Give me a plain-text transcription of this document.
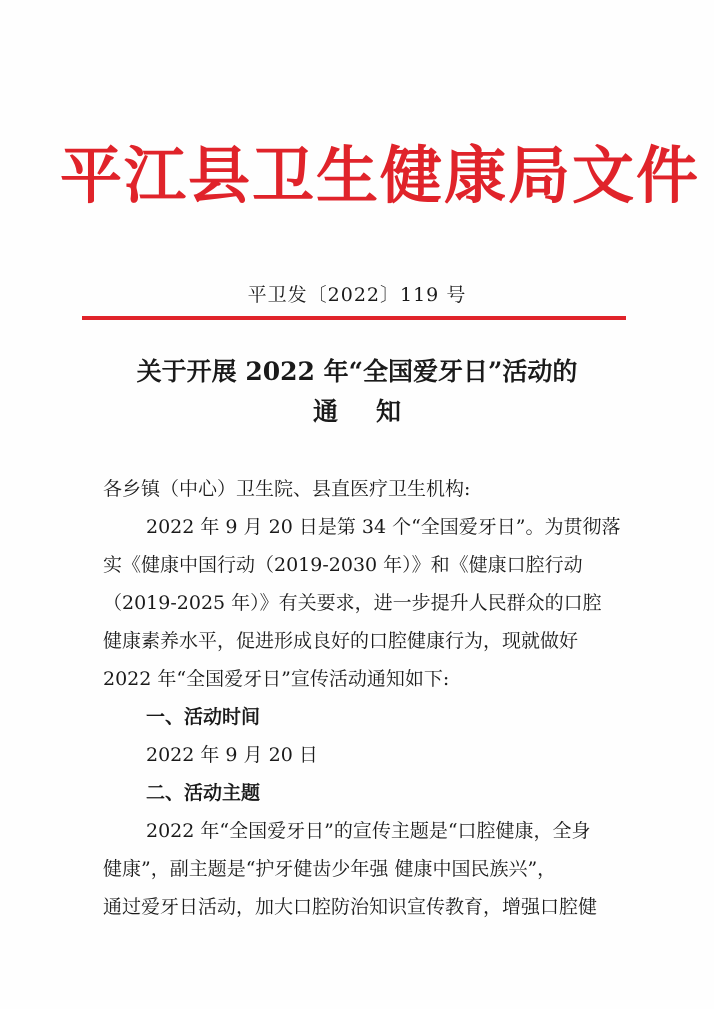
平江县卫生健康局文件
平卫发〔2022〕119 号
关于开展 2022 年“全国爱牙日”活动的
通知
各乡镇（中心）卫生院、县直医疗卫生机构:
2022 年 9 月 20 日是第 34 个“全国爱牙日”。为贯彻落
实《健康中国行动（2019-2030 年）》和《健康口腔行动
（2019-2025 年）》有关要求，进一步提升人民群众的口腔
健康素养水平，促进形成良好的口腔健康行为，现就做好
2022 年“全国爱牙日”宣传活动通知如下:
一、活动时间
2022 年 9 月 20 日
二、活动主题
2022 年“全国爱牙日”的宣传主题是“口腔健康，全身
健康”，副主题是“护牙健齿少年强 健康中国民族兴”，
通过爱牙日活动，加大口腔防治知识宣传教育，增强口腔健
